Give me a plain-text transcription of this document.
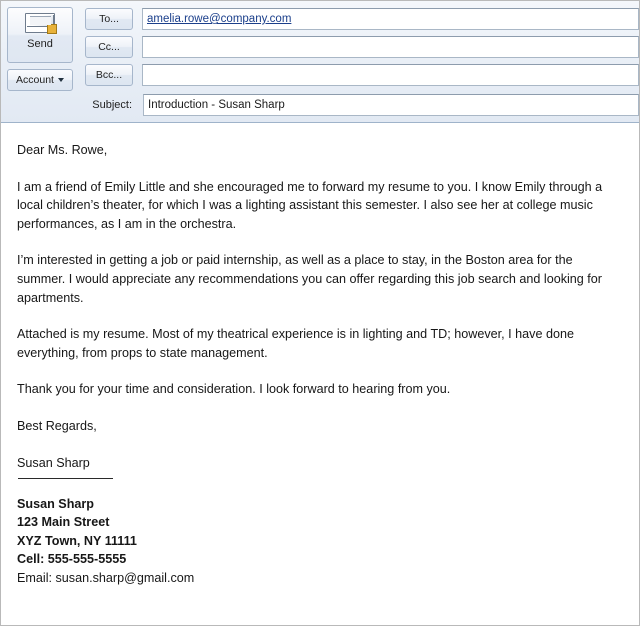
Send
Account
To...	amelia.rowe@company.com
Cc...
Bcc...
Subject:	Introduction - Susan Sharp

Dear Ms. Rowe,

I am a friend of Emily Little and she encouraged me to forward my resume to you. I know Emily through a local children’s theater, for which I was a lighting assistant this semester. I also see her at college music performances, as I am in the orchestra.

I’m interested in getting a job or paid internship, as well as a place to stay, in the Boston area for the summer. I would appreciate any recommendations you can offer regarding this job search and looking for apartments.

Attached is my resume. Most of my theatrical experience is in lighting and TD; however, I have done everything, from props to state management.

Thank you for your time and consideration. I look forward to hearing from you.

Best Regards,

Susan Sharp

Susan Sharp
123 Main Street
XYZ Town, NY 11111
Cell: 555-555-5555
Email: susan.sharp@gmail.com
